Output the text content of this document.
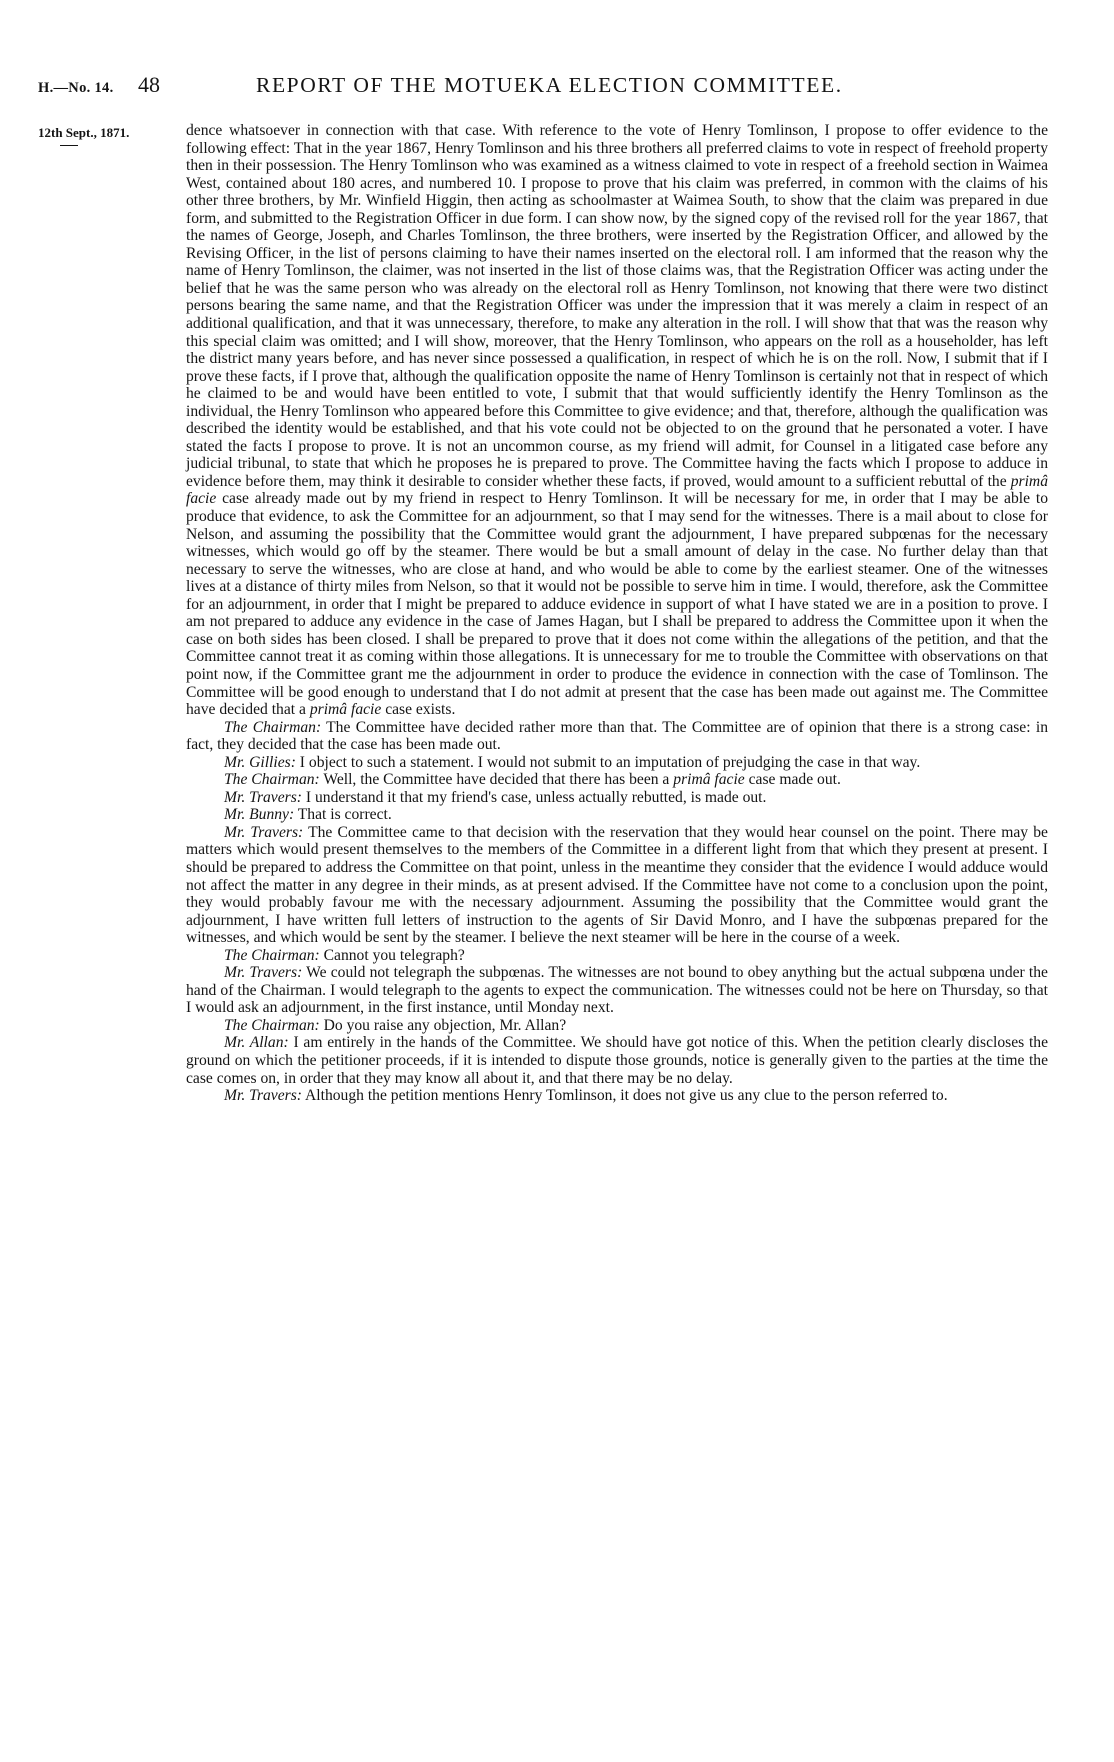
H.—No. 14. 48	REPORT OF THE MOTUEKA ELECTION COMMITTEE.
12th Sept., 1871.	dence whatsoever in connection with that case. With reference to the vote of Henry Tomlinson, I propose to offer evidence to the following effect: That in the year 1867, Henry Tomlinson and his three brothers all preferred claims to vote in respect of freehold property then in their possession. The Henry Tomlinson who was examined as a witness claimed to vote in respect of a freehold section in Waimea West, contained about 180 acres, and numbered 10. I propose to prove that his claim was preferred, in common with the claims of his other three brothers, by Mr. Winfield Higgin, then acting as schoolmaster at Waimea South, to show that the claim was prepared in due form, and submitted to the Registration Officer in due form. I can show now, by the signed copy of the revised roll for the year 1867, that the names of George, Joseph, and Charles Tomlinson, the three brothers, were inserted by the Registration Officer, and allowed by the Revising Officer, in the list of persons claiming to have their names inserted on the electoral roll. I am informed that the reason why the name of Henry Tomlinson, the claimer, was not inserted in the list of those claims was, that the Registration Officer was acting under the belief that he was the same person who was already on the electoral roll as Henry Tomlinson, not knowing that there were two distinct persons bearing the same name, and that the Registration Officer was under the impression that it was merely a claim in respect of an additional qualification, and that it was unnecessary, therefore, to make any alteration in the roll. I will show that that was the reason why this special claim was omitted; and I will show, moreover, that the Henry Tomlinson, who appears on the roll as a householder, has left the district many years before, and has never since possessed a qualification, in respect of which he is on the roll. Now, I submit that if I prove these facts, if I prove that, although the qualification opposite the name of Henry Tomlinson is certainly not that in respect of which he claimed to be and would have been entitled to vote, I submit that that would sufficiently identify the Henry Tomlinson as the individual, the Henry Tomlinson who appeared before this Committee to give evidence; and that, therefore, although the qualification was described the identity would be established, and that his vote could not be objected to on the ground that he personated a voter. I have stated the facts I propose to prove. It is not an uncommon course, as my friend will admit, for Counsel in a litigated case before any judicial tribunal, to state that which he proposes he is prepared to prove. The Committee having the facts which I propose to adduce in evidence before them, may think it desirable to consider whether these facts, if proved, would amount to a sufficient rebuttal of the primâ facie case already made out by my friend in respect to Henry Tomlinson. It will be necessary for me, in order that I may be able to produce that evidence, to ask the Committee for an adjournment, so that I may send for the witnesses. There is a mail about to close for Nelson, and assuming the possibility that the Committee would grant the adjournment, I have prepared subpœnas for the necessary witnesses, which would go off by the steamer. There would be but a small amount of delay in the case. No further delay than that necessary to serve the witnesses, who are close at hand, and who would be able to come by the earliest steamer. One of the witnesses lives at a distance of thirty miles from Nelson, so that it would not be possible to serve him in time. I would, therefore, ask the Committee for an adjournment, in order that I might be prepared to adduce evidence in support of what I have stated we are in a position to prove. I am not prepared to adduce any evidence in the case of James Hagan, but I shall be prepared to address the Committee upon it when the case on both sides has been closed. I shall be prepared to prove that it does not come within the allegations of the petition, and that the Committee cannot treat it as coming within those allegations. It is unnecessary for me to trouble the Committee with observations on that point now, if the Committee grant me the adjournment in order to produce the evidence in connection with the case of Tomlinson. The Committee will be good enough to understand that I do not admit at present that the case has been made out against me. The Committee have decided that a primâ facie case exists.

The Chairman: The Committee have decided rather more than that. The Committee are of opinion that there is a strong case: in fact, they decided that the case has been made out.

Mr. Gillies: I object to such a statement. I would not submit to an imputation of prejudging the case in that way.

The Chairman: Well, the Committee have decided that there has been a primâ facie case made out.

Mr. Travers: I understand it that my friend's case, unless actually rebutted, is made out.

Mr. Bunny: That is correct.

Mr. Travers: The Committee came to that decision with the reservation that they would hear counsel on the point. There may be matters which would present themselves to the members of the Committee in a different light from that which they present at present. I should be prepared to address the Committee on that point, unless in the meantime they consider that the evidence I would adduce would not affect the matter in any degree in their minds, as at present advised. If the Committee have not come to a conclusion upon the point, they would probably favour me with the necessary adjournment. Assuming the possibility that the Committee would grant the adjournment, I have written full letters of instruction to the agents of Sir David Monro, and I have the subpœnas prepared for the witnesses, and which would be sent by the steamer. I believe the next steamer will be here in the course of a week.

The Chairman: Cannot you telegraph?

Mr. Travers: We could not telegraph the subpœnas. The witnesses are not bound to obey anything but the actual subpœna under the hand of the Chairman. I would telegraph to the agents to expect the communication. The witnesses could not be here on Thursday, so that I would ask an adjournment, in the first instance, until Monday next.

The Chairman: Do you raise any objection, Mr. Allan?

Mr. Allan: I am entirely in the hands of the Committee. We should have got notice of this. When the petition clearly discloses the ground on which the petitioner proceeds, if it is intended to dispute those grounds, notice is generally given to the parties at the time the case comes on, in order that they may know all about it, and that there may be no delay.

Mr. Travers: Although the petition mentions Henry Tomlinson, it does not give us any clue to the person referred to.
